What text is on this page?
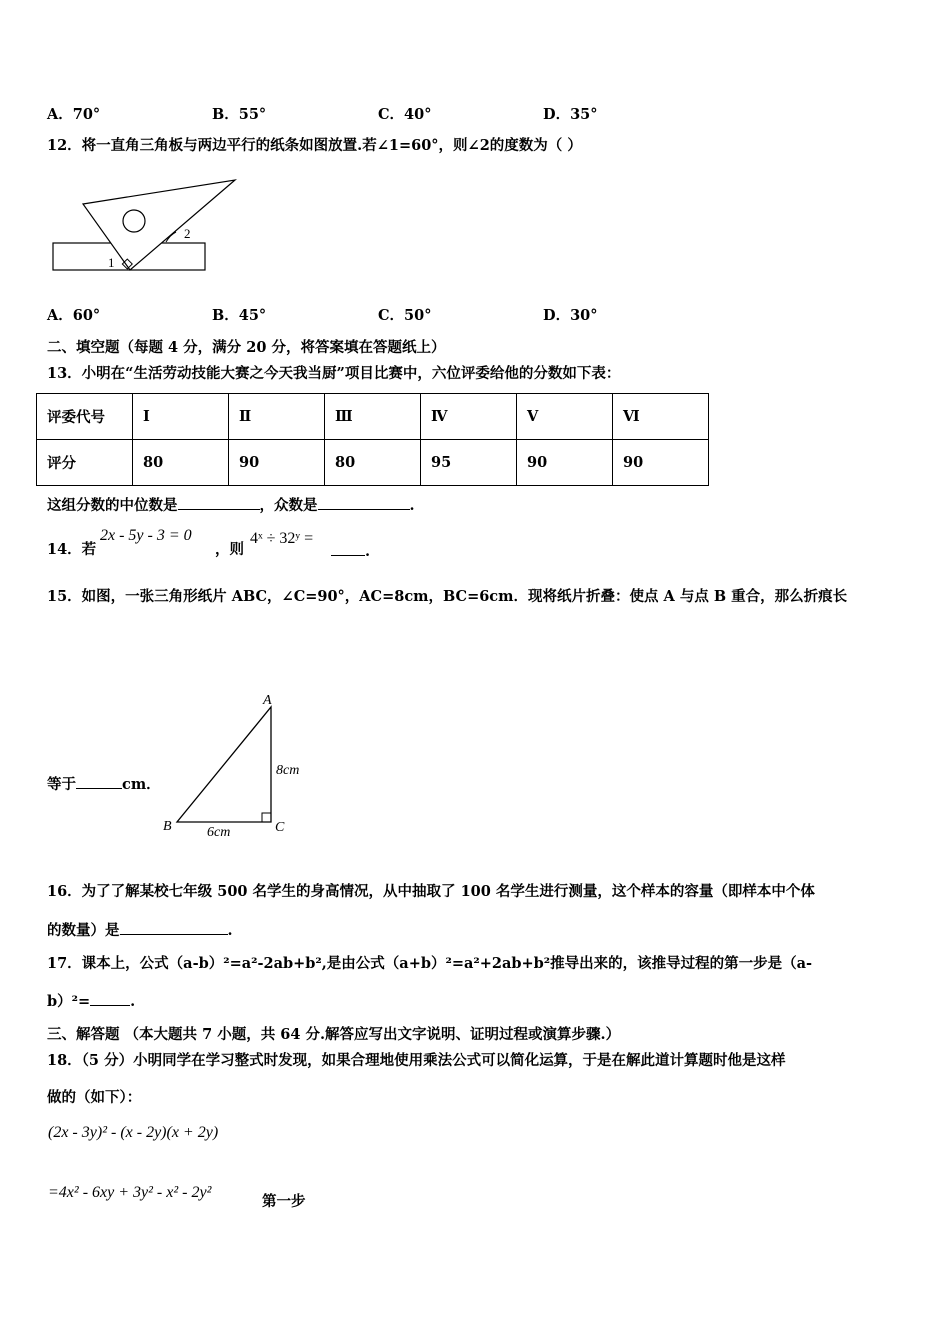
A．70°	B．55°	C．40°	D．35°
12．将一直角三角板与两边平行的纸条如图放置.若∠1=60°，则∠2的度数为（ ）
1
2
A．60°	B．45°	C．50°	D．30°
二、填空题（每题 4 分，满分 20 分，将答案填在答题纸上）
13．小明在“生活劳动技能大赛之今天我当厨”项目比赛中，六位评委给他的分数如下表：
评委代号	Ⅰ	Ⅱ	Ⅲ	Ⅳ	Ⅴ	Ⅵ
评分	80	90	80	95	90	90
这组分数的中位数是	，众数是	.
14．若
2x - 5y - 3 = 0
，则
4ˣ ÷ 32ʸ =
.
15．如图，一张三角形纸片 ABC，∠C=90°，AC=8cm，BC=6cm．现将纸片折叠：使点 A 与点 B 重合，那么折痕长
A
B	C
8cm
6cm
等于	cm．
16．为了了解某校七年级 500 名学生的身高情况，从中抽取了 100 名学生进行测量，这个样本的容量（即样本中个体
的数量）是	.
17．课本上，公式（a-b）²=a²-2ab+b²,是由公式（a+b）²=a²+2ab+b²推导出来的，该推导过程的第一步是（a-
b）²=	.
三、解答题 （本大题共 7 小题，共 64 分.解答应写出文字说明、证明过程或演算步骤.）
18．（5 分）小明同学在学习整式时发现，如果合理地使用乘法公式可以简化运算，于是在解此道计算题时他是这样
做的（如下）：
(2x - 3y)² - (x - 2y)(x + 2y)
=4x² - 6xy + 3y² - x² - 2y²
第一步
